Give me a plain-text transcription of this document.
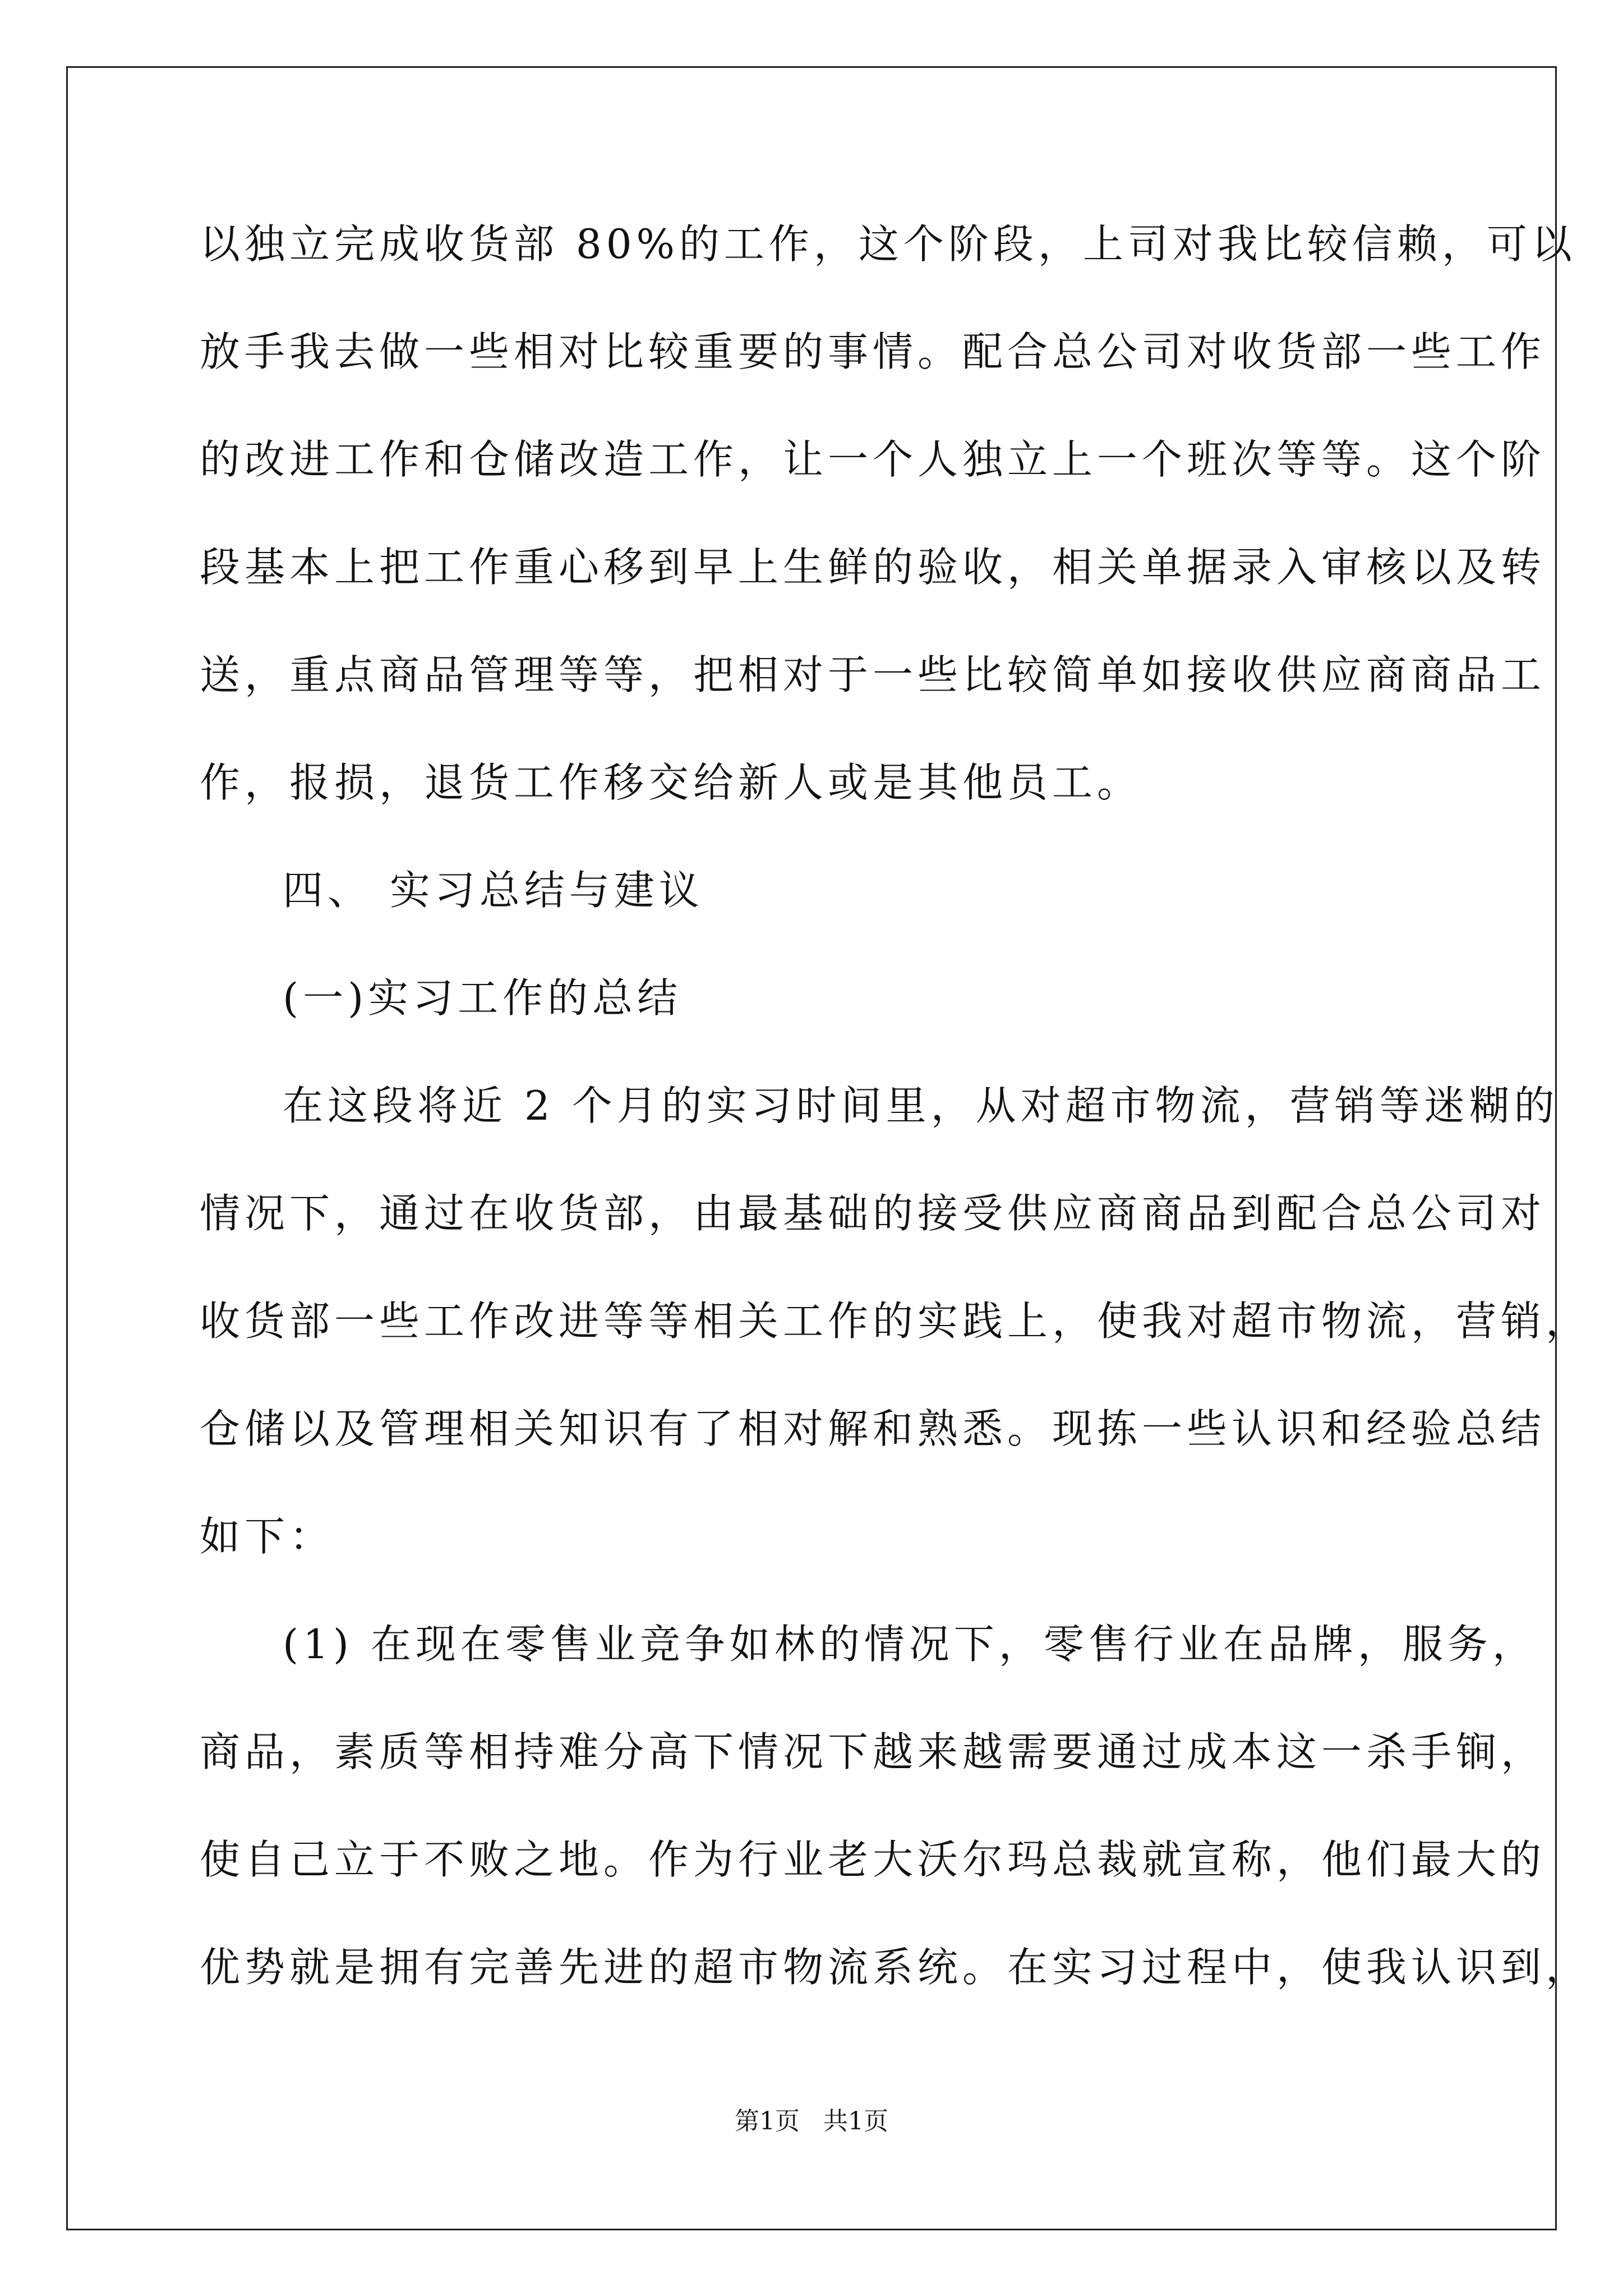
以独立完成收货部 80%的工作，这个阶段，上司对我比较信赖，可以
放手我去做一些相对比较重要的事情。配合总公司对收货部一些工作
的改进工作和仓储改造工作，让一个人独立上一个班次等等。这个阶
段基本上把工作重心移到早上生鲜的验收，相关单据录入审核以及转
送，重点商品管理等等，把相对于一些比较简单如接收供应商商品工
作，报损，退货工作移交给新人或是其他员工。
四、 实习总结与建议
(一)实习工作的总结
在这段将近 2 个月的实习时间里，从对超市物流，营销等迷糊的
情况下，通过在收货部，由最基础的接受供应商商品到配合总公司对
收货部一些工作改进等等相关工作的实践上，使我对超市物流，营销，
仓储以及管理相关知识有了相对解和熟悉。现拣一些认识和经验总结
如下：
(1) 在现在零售业竞争如林的情况下，零售行业在品牌，服务，
商品，素质等相持难分高下情况下越来越需要通过成本这一杀手锏，
使自己立于不败之地。作为行业老大沃尔玛总裁就宣称，他们最大的
优势就是拥有完善先进的超市物流系统。在实习过程中，使我认识到，
第1页   共1页
